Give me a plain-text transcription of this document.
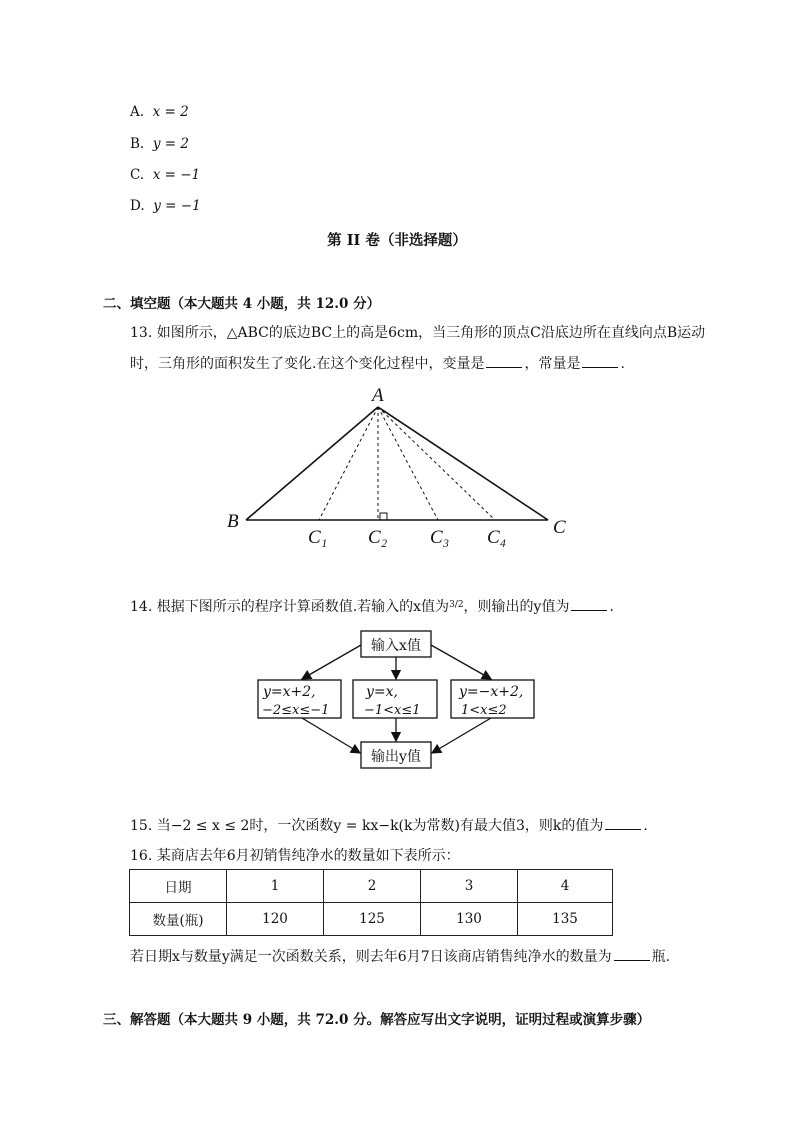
A. x = 2
B. y = 2
C. x = −1
D. y = −1
第 II 卷（非选择题）
二、填空题（本大题共 4 小题，共 12.0 分）
13. 如图所示，△ABC的底边BC上的高是6cm，当三角形的顶点C沿底边所在直线向点B运动
时，三角形的面积发生了变化.在这个变化过程中，变量是	，常量是	.
A
B	C
C₁ C₂ C₃ C₄
14. 根据下图所示的程序计算函数值.若输入的x值为$^{3/2}$，则输出的y值为	.
输入x值
y=x+2,
−2≤x≤−1
y=x,
−1<x≤1
y=−x+2,
1<x≤2
输出y值
15. 当−2 ≤ x ≤ 2时，一次函数y = kx−k(k为常数)有最大值3，则k的值为	.
16. 某商店去年6月初销售纯净水的数量如下表所示：
日期	1	2	3	4
数量(瓶)	120	125	130	135
若日期x与数量y满足一次函数关系，则去年6月7日该商店销售纯净水的数量为	瓶.
三、解答题（本大题共 9 小题，共 72.0 分。解答应写出文字说明，证明过程或演算步骤）
